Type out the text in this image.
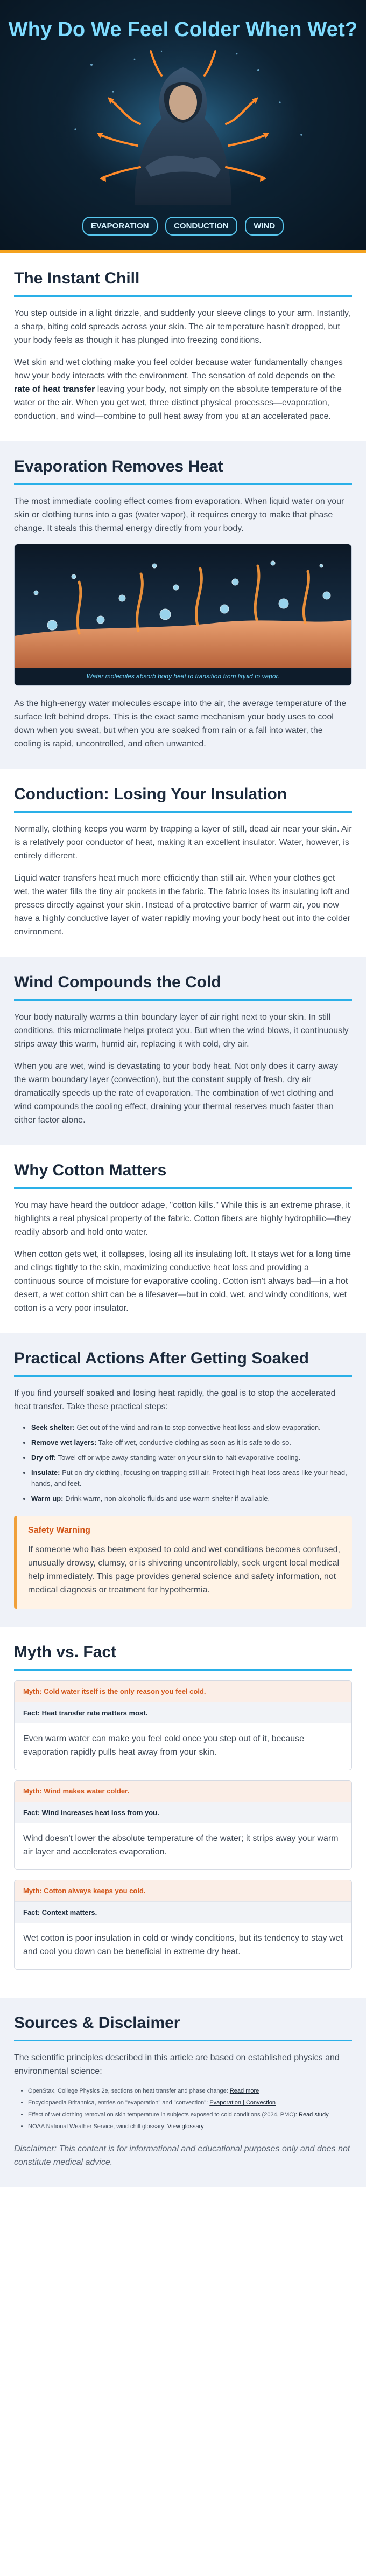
Why Do We Feel Colder When Wet?
EVAPORATION	CONDUCTION	WIND
The Instant Chill

You step outside in a light drizzle, and suddenly your sleeve clings to your arm. Instantly, a sharp, biting cold spreads across your skin. The air temperature hasn't dropped, but your body feels as though it has plunged into freezing conditions.

Wet skin and wet clothing make you feel colder because water fundamentally changes how your body interacts with the environment. The sensation of cold depends on the rate of heat transfer leaving your body, not simply on the absolute temperature of the water or the air. When you get wet, three distinct physical processes—evaporation, conduction, and wind—combine to pull heat away from you at an accelerated pace.

Evaporation Removes Heat

The most immediate cooling effect comes from evaporation. When liquid water on your skin or clothing turns into a gas (water vapor), it requires energy to make that phase change. It steals this thermal energy directly from your body.

Water molecules absorb body heat to transition from liquid to vapor.

As the high-energy water molecules escape into the air, the average temperature of the surface left behind drops. This is the exact same mechanism your body uses to cool down when you sweat, but when you are soaked from rain or a fall into water, the cooling is rapid, uncontrolled, and often unwanted.

Conduction: Losing Your Insulation

Normally, clothing keeps you warm by trapping a layer of still, dead air near your skin. Air is a relatively poor conductor of heat, making it an excellent insulator. Water, however, is entirely different.

Liquid water transfers heat much more efficiently than still air. When your clothes get wet, the water fills the tiny air pockets in the fabric. The fabric loses its insulating loft and presses directly against your skin. Instead of a protective barrier of warm air, you now have a highly conductive layer of water rapidly moving your body heat out into the colder environment.

Wind Compounds the Cold

Your body naturally warms a thin boundary layer of air right next to your skin. In still conditions, this microclimate helps protect you. But when the wind blows, it continuously strips away this warm, humid air, replacing it with cold, dry air.

When you are wet, wind is devastating to your body heat. Not only does it carry away the warm boundary layer (convection), but the constant supply of fresh, dry air dramatically speeds up the rate of evaporation. The combination of wet clothing and wind compounds the cooling effect, draining your thermal reserves much faster than either factor alone.

Why Cotton Matters

You may have heard the outdoor adage, "cotton kills." While this is an extreme phrase, it highlights a real physical property of the fabric. Cotton fibers are highly hydrophilic—they readily absorb and hold onto water.

When cotton gets wet, it collapses, losing all its insulating loft. It stays wet for a long time and clings tightly to the skin, maximizing conductive heat loss and providing a continuous source of moisture for evaporative cooling. Cotton isn't always bad—in a hot desert, a wet cotton shirt can be a lifesaver—but in cold, wet, and windy conditions, wet cotton is a very poor insulator.

Practical Actions After Getting Soaked

If you find yourself soaked and losing heat rapidly, the goal is to stop the accelerated heat transfer. Take these practical steps:

• Seek shelter: Get out of the wind and rain to stop convective heat loss and slow evaporation.
• Remove wet layers: Take off wet, conductive clothing as soon as it is safe to do so.
• Dry off: Towel off or wipe away standing water on your skin to halt evaporative cooling.
• Insulate: Put on dry clothing, focusing on trapping still air. Protect high-heat-loss areas like your head, hands, and feet.
• Warm up: Drink warm, non-alcoholic fluids and use warm shelter if available.
Safety Warning

If someone who has been exposed to cold and wet conditions becomes confused, unusually drowsy, clumsy, or is shivering uncontrollably, seek urgent local medical help immediately. This page provides general science and safety information, not medical diagnosis or treatment for hypothermia.

Myth vs. Fact
Myth: Cold water itself is the only reason you feel cold.
Fact: Heat transfer rate matters most.
Even warm water can make you feel cold once you step out of it, because evaporation rapidly pulls heat away from your skin.
Myth: Wind makes water colder.
Fact: Wind increases heat loss from you.
Wind doesn't lower the absolute temperature of the water; it strips away your warm air layer and accelerates evaporation.
Myth: Cotton always keeps you cold.
Fact: Context matters.
Wet cotton is poor insulation in cold or windy conditions, but its tendency to stay wet and cool you down can be beneficial in extreme dry heat.
Sources & Disclaimer

The scientific principles described in this article are based on established physics and environmental science:

• OpenStax, College Physics 2e, sections on heat transfer and phase change: Read more
• Encyclopaedia Britannica, entries on "evaporation" and "convection": Evaporation | Convection
• Effect of wet clothing removal on skin temperature in subjects exposed to cold conditions (2024, PMC): Read study
• NOAA National Weather Service, wind chill glossary: View glossary

Disclaimer: This content is for informational and educational purposes only and does not constitute medical advice.
